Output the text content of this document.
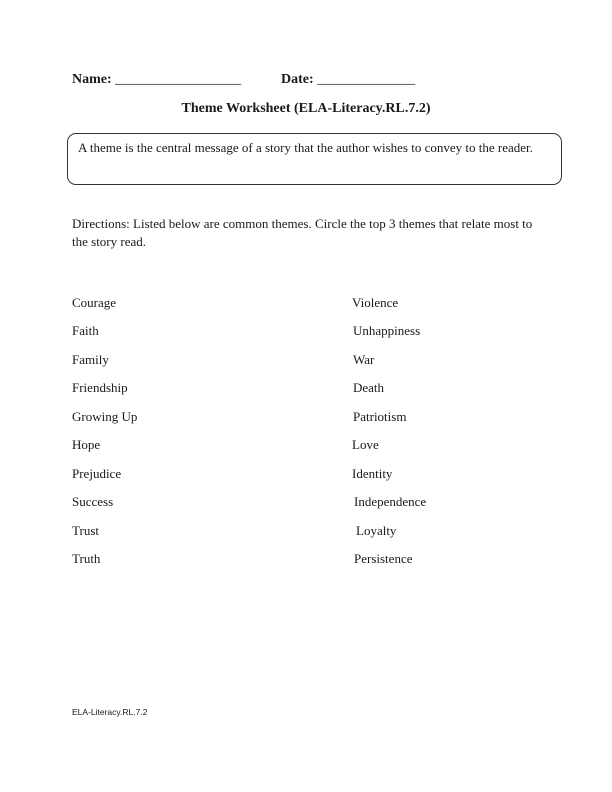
Name: __________________	Date: ______________
Theme Worksheet (ELA-Literacy.RL.7.2)
A theme is the central message of a story that the author wishes to convey to the reader.
Directions: Listed below are common themes. Circle the top 3 themes that relate most to the story read.
Courage
Faith
Family
Friendship
Growing Up
Hope
Prejudice
Success
Trust
Truth
Violence
Unhappiness
War
Death
Patriotism
Love
Identity
Independence
Loyalty
Persistence
ELA-Literacy.RL.7.2
